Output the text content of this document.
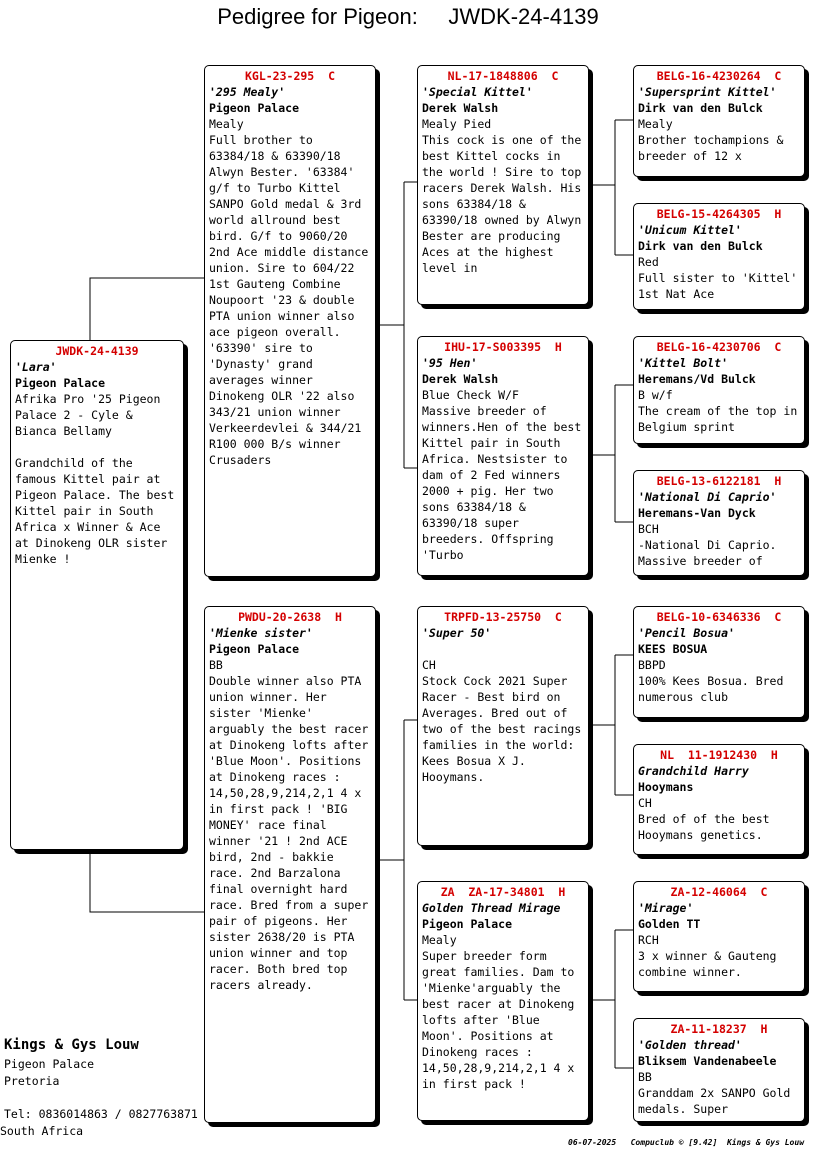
Pedigree for Pigeon:     JWDK-24-4139
JWDK-24-4139
'Lara'
Pigeon Palace
Afrika Pro '25 Pigeon Palace 2 - Cyle & Bianca Bellamy

Grandchild of the famous Kittel pair at Pigeon Palace. The best Kittel pair in South Africa x Winner & Ace at Dinokeng OLR sister Mienke !
KGL-23-295  C
'295 Mealy'
Pigeon Palace
Mealy
Full brother to 63384/18 & 63390/18 Alwyn Bester. '63384' g/f to Turbo Kittel SANPO Gold medal & 3rd world allround best bird. G/f to 9060/20 2nd Ace middle distance union. Sire to 604/22 1st Gauteng Combine Noupoort '23 & double PTA union winner also ace pigeon overall. '63390' sire to 'Dynasty' grand averages winner Dinokeng OLR '22 also 343/21 union winner Verkeerdevlei & 344/21 R100 000 B/s winner Crusaders
PWDU-20-2638  H
'Mienke sister'
Pigeon Palace
BB
Double winner also PTA union winner. Her sister 'Mienke' arguably the best racer at Dinokeng lofts after 'Blue Moon'. Positions at Dinokeng races : 14,50,28,9,214,2,1 4 x in first pack ! 'BIG MONEY' race final winner '21 ! 2nd ACE bird, 2nd - bakkie race. 2nd Barzalona final overnight hard race. Bred from a super pair of pigeons. Her sister 2638/20 is PTA union winner and top racer. Both bred top racers already.
NL-17-1848806  C
'Special Kittel'
Derek Walsh
Mealy Pied
This cock is one of the best Kittel cocks in the world ! Sire to top racers Derek Walsh. His sons 63384/18 & 63390/18 owned by Alwyn Bester are producing Aces at the highest level in
IHU-17-S003395  H
'95 Hen'
Derek Walsh
Blue Check W/F
Massive breeder of winners.Hen of the best Kittel pair in South Africa. Nestsister to dam of 2 Fed winners 2000 + pig. Her two sons 63384/18 & 63390/18 super breeders. Offspring 'Turbo
TRPFD-13-25750  C
'Super 50'
CH
Stock Cock 2021 Super Racer - Best bird on Averages. Bred out of two of the best racings families in the world: Kees Bosua X J. Hooymans.
ZA  ZA-17-34801  H
Golden Thread Mirage
Pigeon Palace
Mealy
Super breeder form great families. Dam to 'Mienke'arguably the best racer at Dinokeng lofts after 'Blue Moon'. Positions at Dinokeng races : 14,50,28,9,214,2,1 4 x in first pack !
BELG-16-4230264  C
'Supersprint Kittel'
Dirk van den Bulck
Mealy
Brother tochampions & breeder of 12 x
BELG-15-4264305  H
'Unicum Kittel'
Dirk van den Bulck
Red
Full sister to 'Kittel' 1st Nat Ace
BELG-16-4230706  C
'Kittel Bolt'
Heremans/Vd Bulck
B w/f
The cream of the top in Belgium sprint
BELG-13-6122181  H
'National Di Caprio'
Heremans-Van Dyck
BCH
-National Di Caprio. Massive breeder of
BELG-10-6346336  C
'Pencil Bosua'
KEES BOSUA
BBPD
100% Kees Bosua. Bred numerous club
NL  11-1912430  H
Grandchild Harry
Hooymans
CH
Bred of of the best Hooymans genetics.
ZA-12-46064  C
'Mirage'
Golden TT
RCH
3 x winner & Gauteng combine winner.
ZA-11-18237  H
'Golden thread'
Bliksem Vandenabeele
BB
Granddam 2x SANPO Gold medals. Super
Kings & Gys Louw
Pigeon Palace
Pretoria
Tel: 0836014863 / 0827763871
South Africa
06-07-2025   Compuclub © [9.42]  Kings & Gys Louw
